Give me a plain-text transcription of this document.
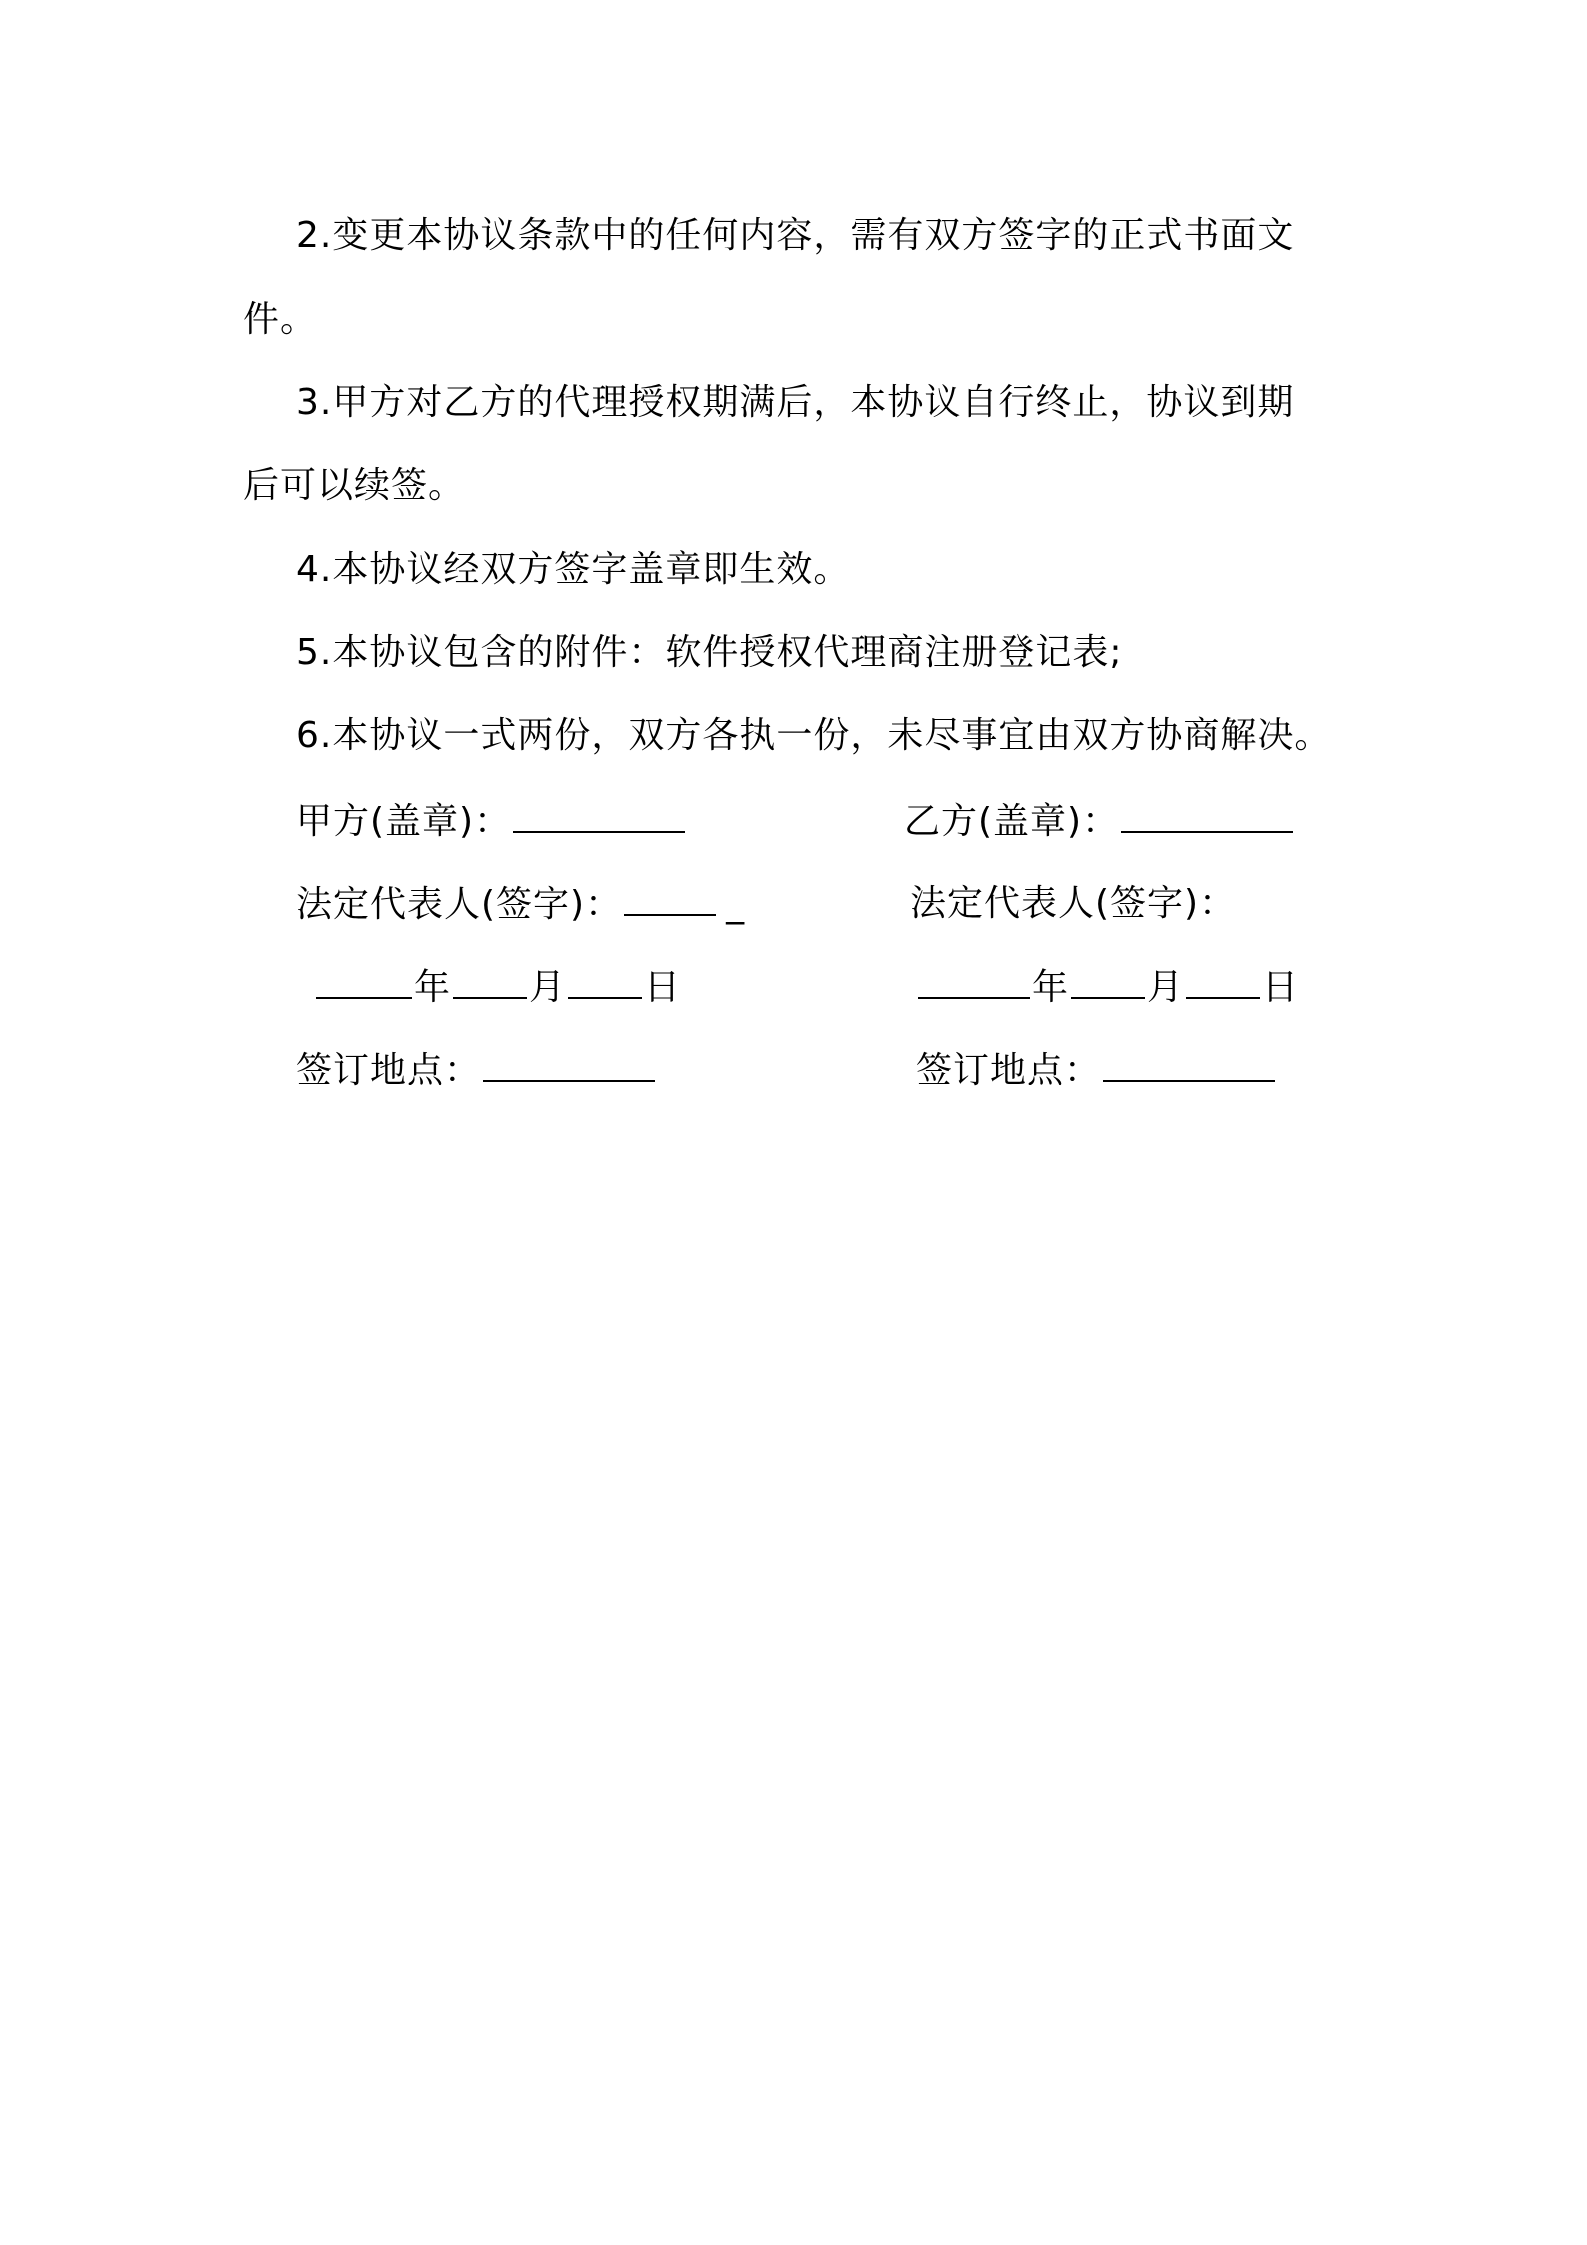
2.变更本协议条款中的任何内容，需有双方签字的正式书面文
件。
3.甲方对乙方的代理授权期满后，本协议自行终止，协议到期
后可以续签。
4.本协议经双方签字盖章即生效。
5.本协议包含的附件：软件授权代理商注册登记表;
6.本协议一式两份，双方各执一份，未尽事宜由双方协商解决。
甲方(盖章)：	乙方(盖章)：
法定代表人(签字)：	_	法定代表人(签字)：
年 月 日	年 月 日
签订地点：	签订地点：
